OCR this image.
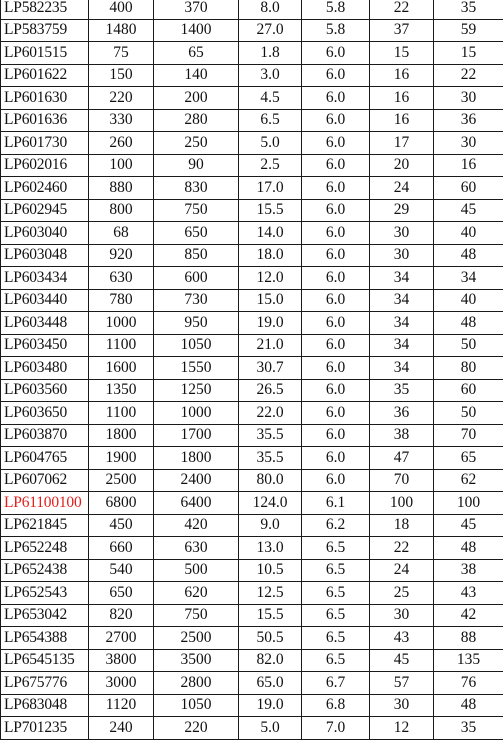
LP582235	400	370	8.0	5.8	22	35
LP583759	1480	1400	27.0	5.8	37	59
LP601515	75	65	1.8	6.0	15	15
LP601622	150	140	3.0	6.0	16	22
LP601630	220	200	4.5	6.0	16	30
LP601636	330	280	6.5	6.0	16	36
LP601730	260	250	5.0	6.0	17	30
LP602016	100	90	2.5	6.0	20	16
LP602460	880	830	17.0	6.0	24	60
LP602945	800	750	15.5	6.0	29	45
LP603040	68	650	14.0	6.0	30	40
LP603048	920	850	18.0	6.0	30	48
LP603434	630	600	12.0	6.0	34	34
LP603440	780	730	15.0	6.0	34	40
LP603448	1000	950	19.0	6.0	34	48
LP603450	1100	1050	21.0	6.0	34	50
LP603480	1600	1550	30.7	6.0	34	80
LP603560	1350	1250	26.5	6.0	35	60
LP603650	1100	1000	22.0	6.0	36	50
LP603870	1800	1700	35.5	6.0	38	70
LP604765	1900	1800	35.5	6.0	47	65
LP607062	2500	2400	80.0	6.0	70	62
LP61100100	6800	6400	124.0	6.1	100	100
LP621845	450	420	9.0	6.2	18	45
LP652248	660	630	13.0	6.5	22	48
LP652438	540	500	10.5	6.5	24	38
LP652543	650	620	12.5	6.5	25	43
LP653042	820	750	15.5	6.5	30	42
LP654388	2700	2500	50.5	6.5	43	88
LP6545135	3800	3500	82.0	6.5	45	135
LP675776	3000	2800	65.0	6.7	57	76
LP683048	1120	1050	19.0	6.8	30	48
LP701235	240	220	5.0	7.0	12	35
